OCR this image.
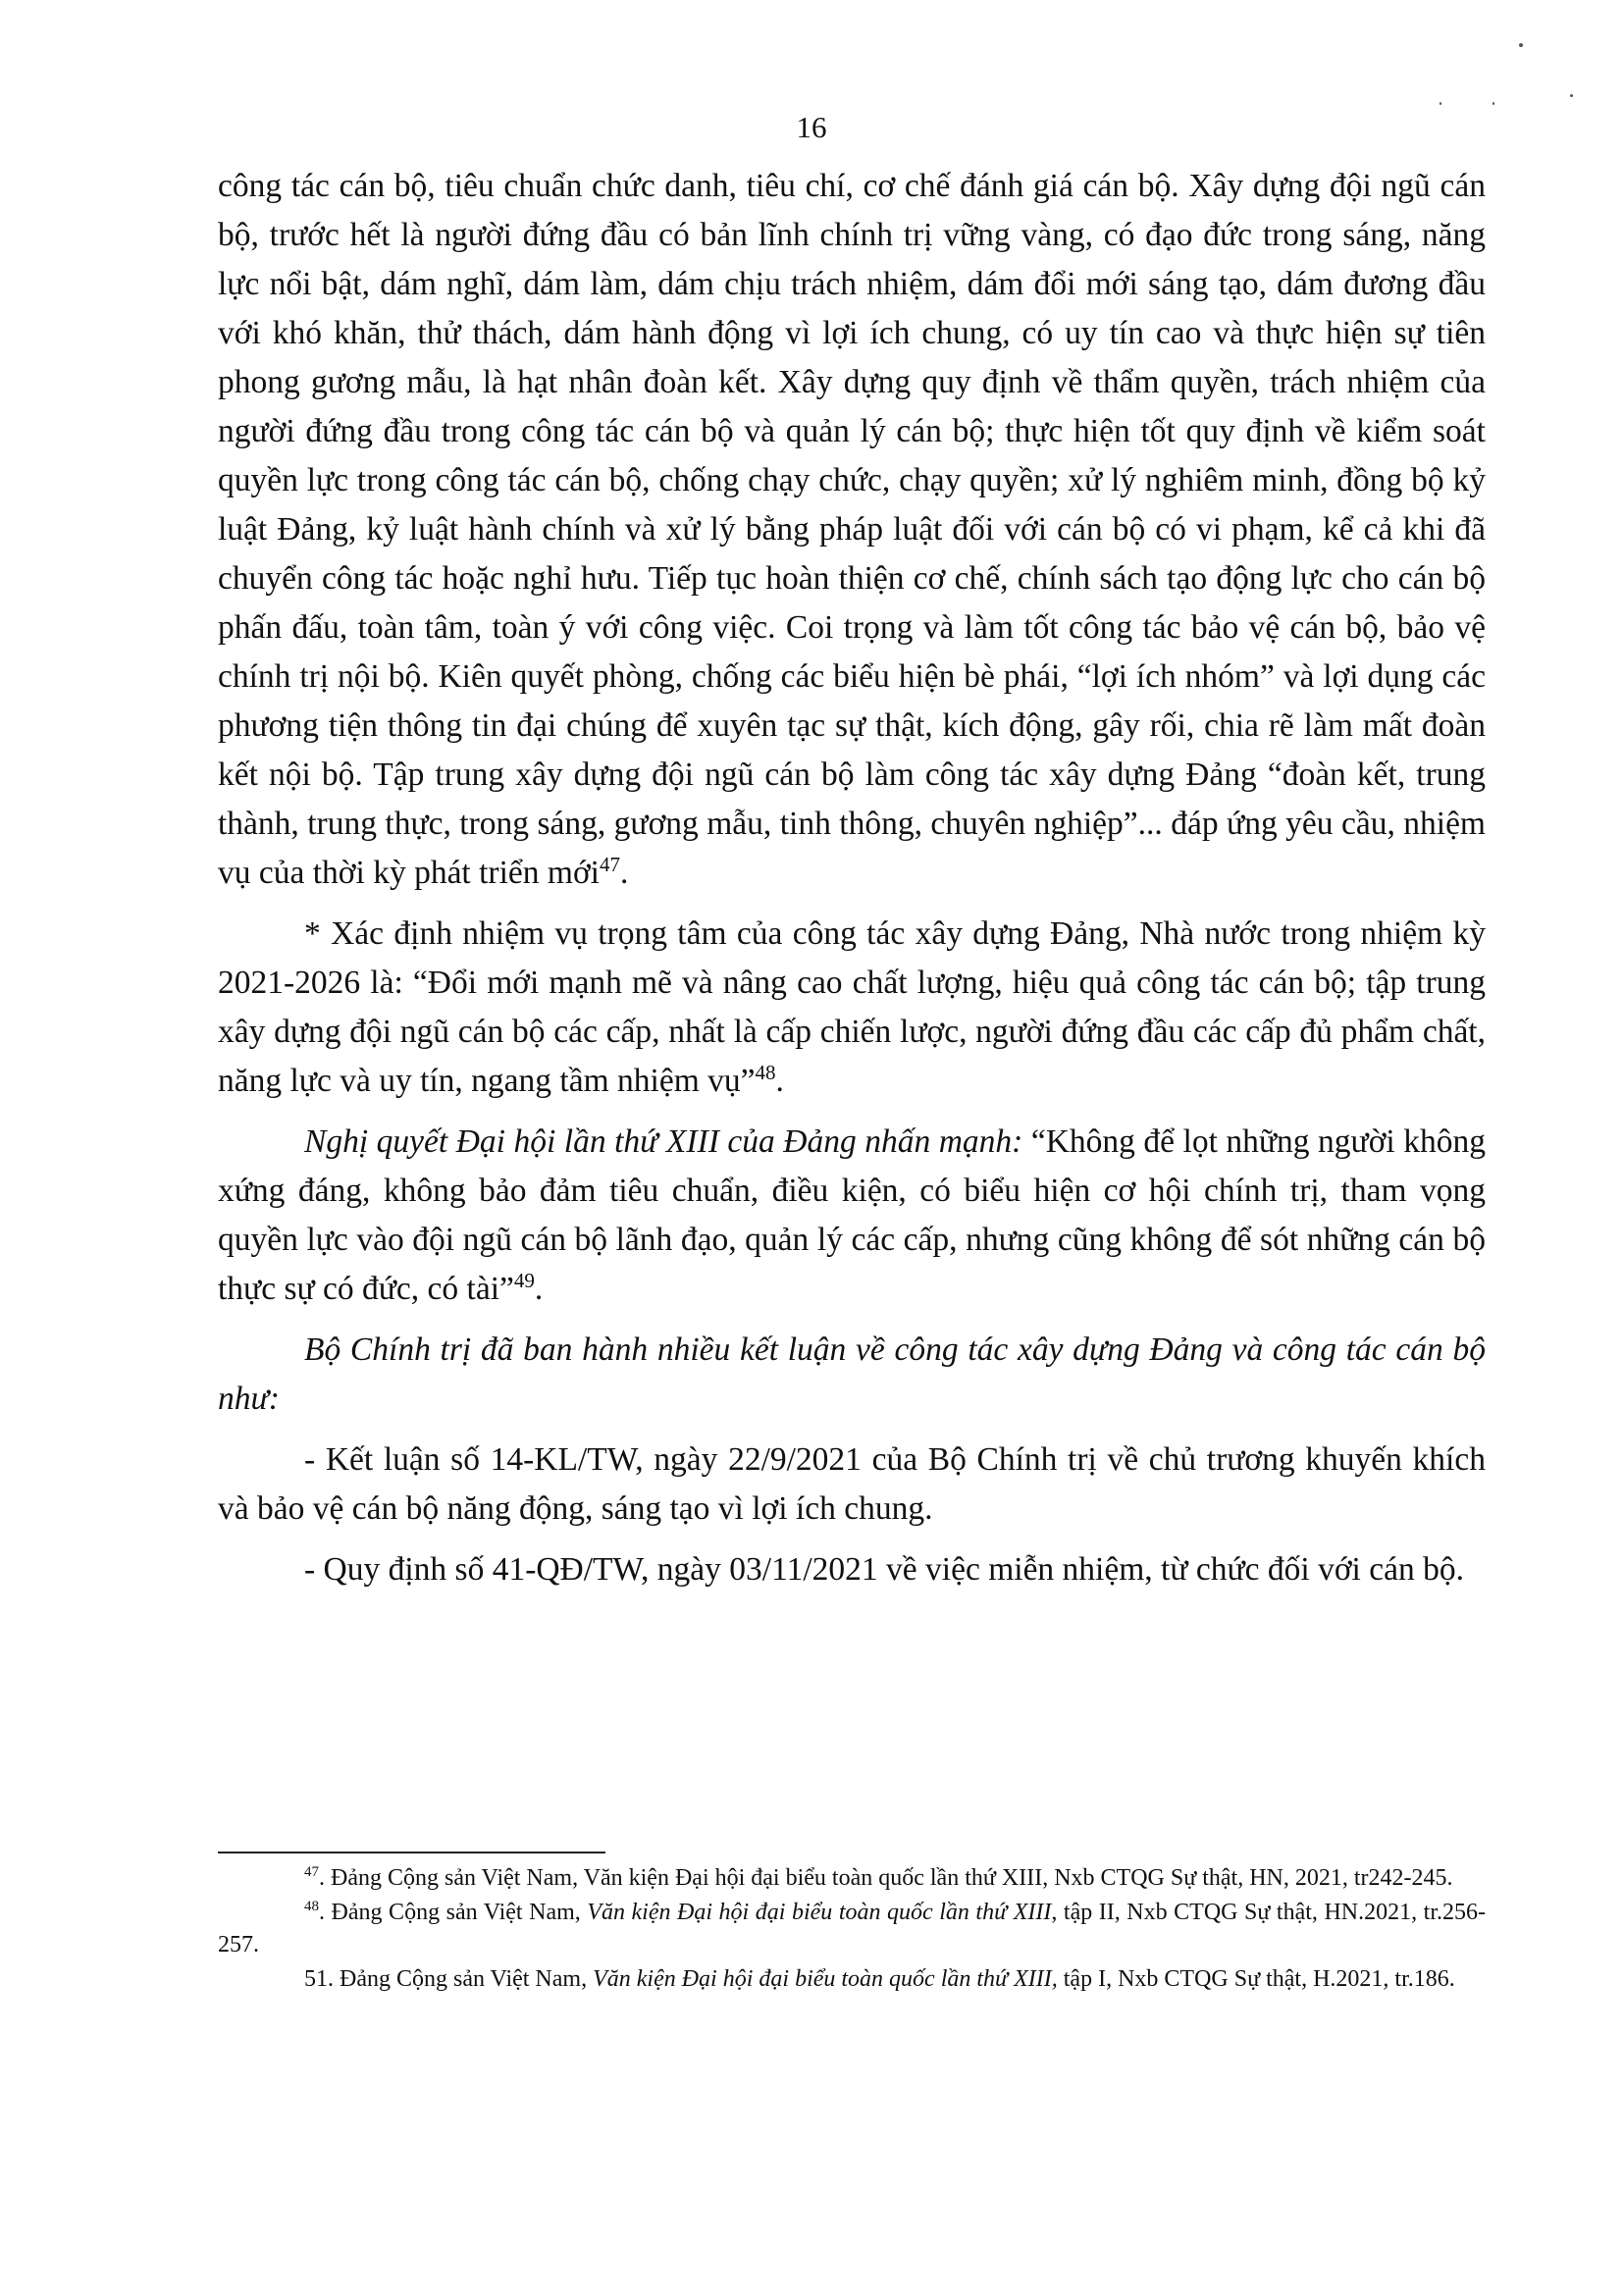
16

công tác cán bộ, tiêu chuẩn chức danh, tiêu chí, cơ chế đánh giá cán bộ. Xây dựng đội ngũ cán bộ, trước hết là người đứng đầu có bản lĩnh chính trị vững vàng, có đạo đức trong sáng, năng lực nổi bật, dám nghĩ, dám làm, dám chịu trách nhiệm, dám đổi mới sáng tạo, dám đương đầu với khó khăn, thử thách, dám hành động vì lợi ích chung, có uy tín cao và thực hiện sự tiên phong gương mẫu, là hạt nhân đoàn kết. Xây dựng quy định về thẩm quyền, trách nhiệm của người đứng đầu trong công tác cán bộ và quản lý cán bộ; thực hiện tốt quy định về kiểm soát quyền lực trong công tác cán bộ, chống chạy chức, chạy quyền; xử lý nghiêm minh, đồng bộ kỷ luật Đảng, kỷ luật hành chính và xử lý bằng pháp luật đối với cán bộ có vi phạm, kể cả khi đã chuyển công tác hoặc nghỉ hưu. Tiếp tục hoàn thiện cơ chế, chính sách tạo động lực cho cán bộ phấn đấu, toàn tâm, toàn ý với công việc. Coi trọng và làm tốt công tác bảo vệ cán bộ, bảo vệ chính trị nội bộ. Kiên quyết phòng, chống các biểu hiện bè phái, “lợi ích nhóm” và lợi dụng các phương tiện thông tin đại chúng để xuyên tạc sự thật, kích động, gây rối, chia rẽ làm mất đoàn kết nội bộ. Tập trung xây dựng đội ngũ cán bộ làm công tác xây dựng Đảng “đoàn kết, trung thành, trung thực, trong sáng, gương mẫu, tinh thông, chuyên nghiệp”... đáp ứng yêu cầu, nhiệm vụ của thời kỳ phát triển mới$^{47}$.

* Xác định nhiệm vụ trọng tâm của công tác xây dựng Đảng, Nhà nước trong nhiệm kỳ 2021-2026 là: “Đổi mới mạnh mẽ và nâng cao chất lượng, hiệu quả công tác cán bộ; tập trung xây dựng đội ngũ cán bộ các cấp, nhất là cấp chiến lược, người đứng đầu các cấp đủ phẩm chất, năng lực và uy tín, ngang tầm nhiệm vụ”$^{48}$.

Nghị quyết Đại hội lần thứ XIII của Đảng nhấn mạnh: “Không để lọt những người không xứng đáng, không bảo đảm tiêu chuẩn, điều kiện, có biểu hiện cơ hội chính trị, tham vọng quyền lực vào đội ngũ cán bộ lãnh đạo, quản lý các cấp, nhưng cũng không để sót những cán bộ thực sự có đức, có tài”$^{49}$.

Bộ Chính trị đã ban hành nhiều kết luận về công tác xây dựng Đảng và công tác cán bộ như:

- Kết luận số 14-KL/TW, ngày 22/9/2021 của Bộ Chính trị về chủ trương khuyến khích và bảo vệ cán bộ năng động, sáng tạo vì lợi ích chung.

- Quy định số 41-QĐ/TW, ngày 03/11/2021 về việc miễn nhiệm, từ chức đối với cán bộ.

$^{47}$. Đảng Cộng sản Việt Nam, Văn kiện Đại hội đại biểu toàn quốc lần thứ XIII, Nxb CTQG Sự thật, HN, 2021, tr242-245.

$^{48}$. Đảng Cộng sản Việt Nam, Văn kiện Đại hội đại biểu toàn quốc lần thứ XIII, tập II, Nxb CTQG Sự thật, HN.2021, tr.256-257.

51. Đảng Cộng sản Việt Nam, Văn kiện Đại hội đại biểu toàn quốc lần thứ XIII, tập I, Nxb CTQG Sự thật, H.2021, tr.186.
